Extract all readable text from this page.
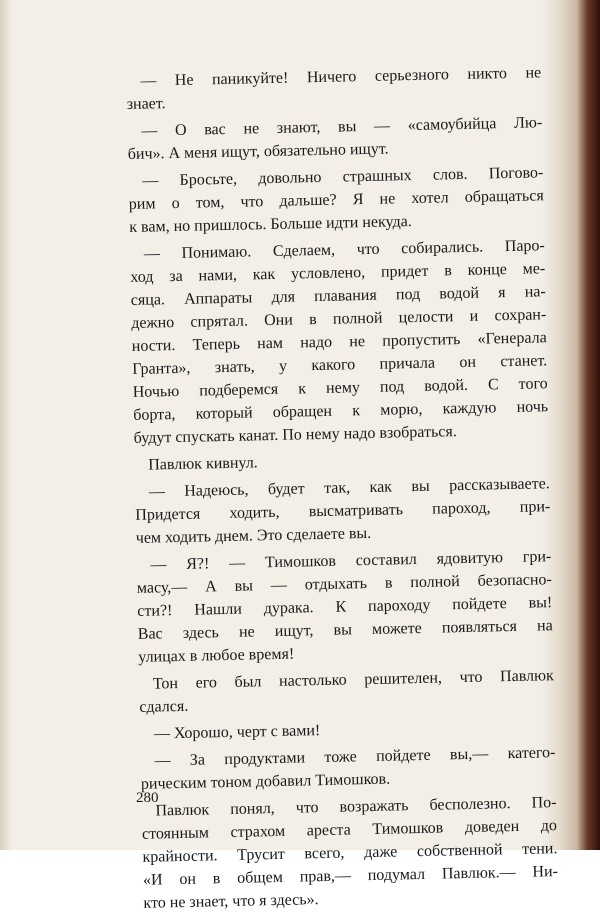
— Не паникуйте! Ничего серьезного никто не
знает.
— О вас не знают, вы — «самоубийца Лю-
бич». А меня ищут, обязательно ищут.
— Бросьте, довольно страшных слов. Погово-
рим о том, что дальше? Я не хотел обращаться
к вам, но пришлось. Больше идти некуда.
— Понимаю. Сделаем, что собирались. Паро-
ход за нами, как условлено, придет в конце ме-
сяца. Аппараты для плавания под водой я на-
дежно спрятал. Они в полной целости и сохран-
ности. Теперь нам надо не пропустить «Генерала
Гранта», знать, у какого причала он станет.
Ночью подберемся к нему под водой. С того
борта, который обращен к морю, каждую ночь
будут спускать канат. По нему надо взобраться.
Павлюк кивнул.
— Надеюсь, будет так, как вы рассказываете.
Придется ходить, высматривать пароход, при-
чем ходить днем. Это сделаете вы.
— Я?! — Тимошков составил ядовитую гри-
масу,— А вы — отдыхать в полной безопасно-
сти?! Нашли дурака. К пароходу пойдете вы!
Вас здесь не ищут, вы можете появляться на
улицах в любое время!
Тон его был настолько решителен, что Павлюк
сдался.
— Хорошо, черт с вами!
— За продуктами тоже пойдете вы,— катего-
рическим тоном добавил Тимошков.
Павлюк понял, что возражать бесполезно. По-
стоянным страхом ареста Тимошков доведен до
крайности. Трусит всего, даже собственной тени.
«И он в общем прав,— подумал Павлюк.— Ни-
кто не знает, что я здесь».
280
